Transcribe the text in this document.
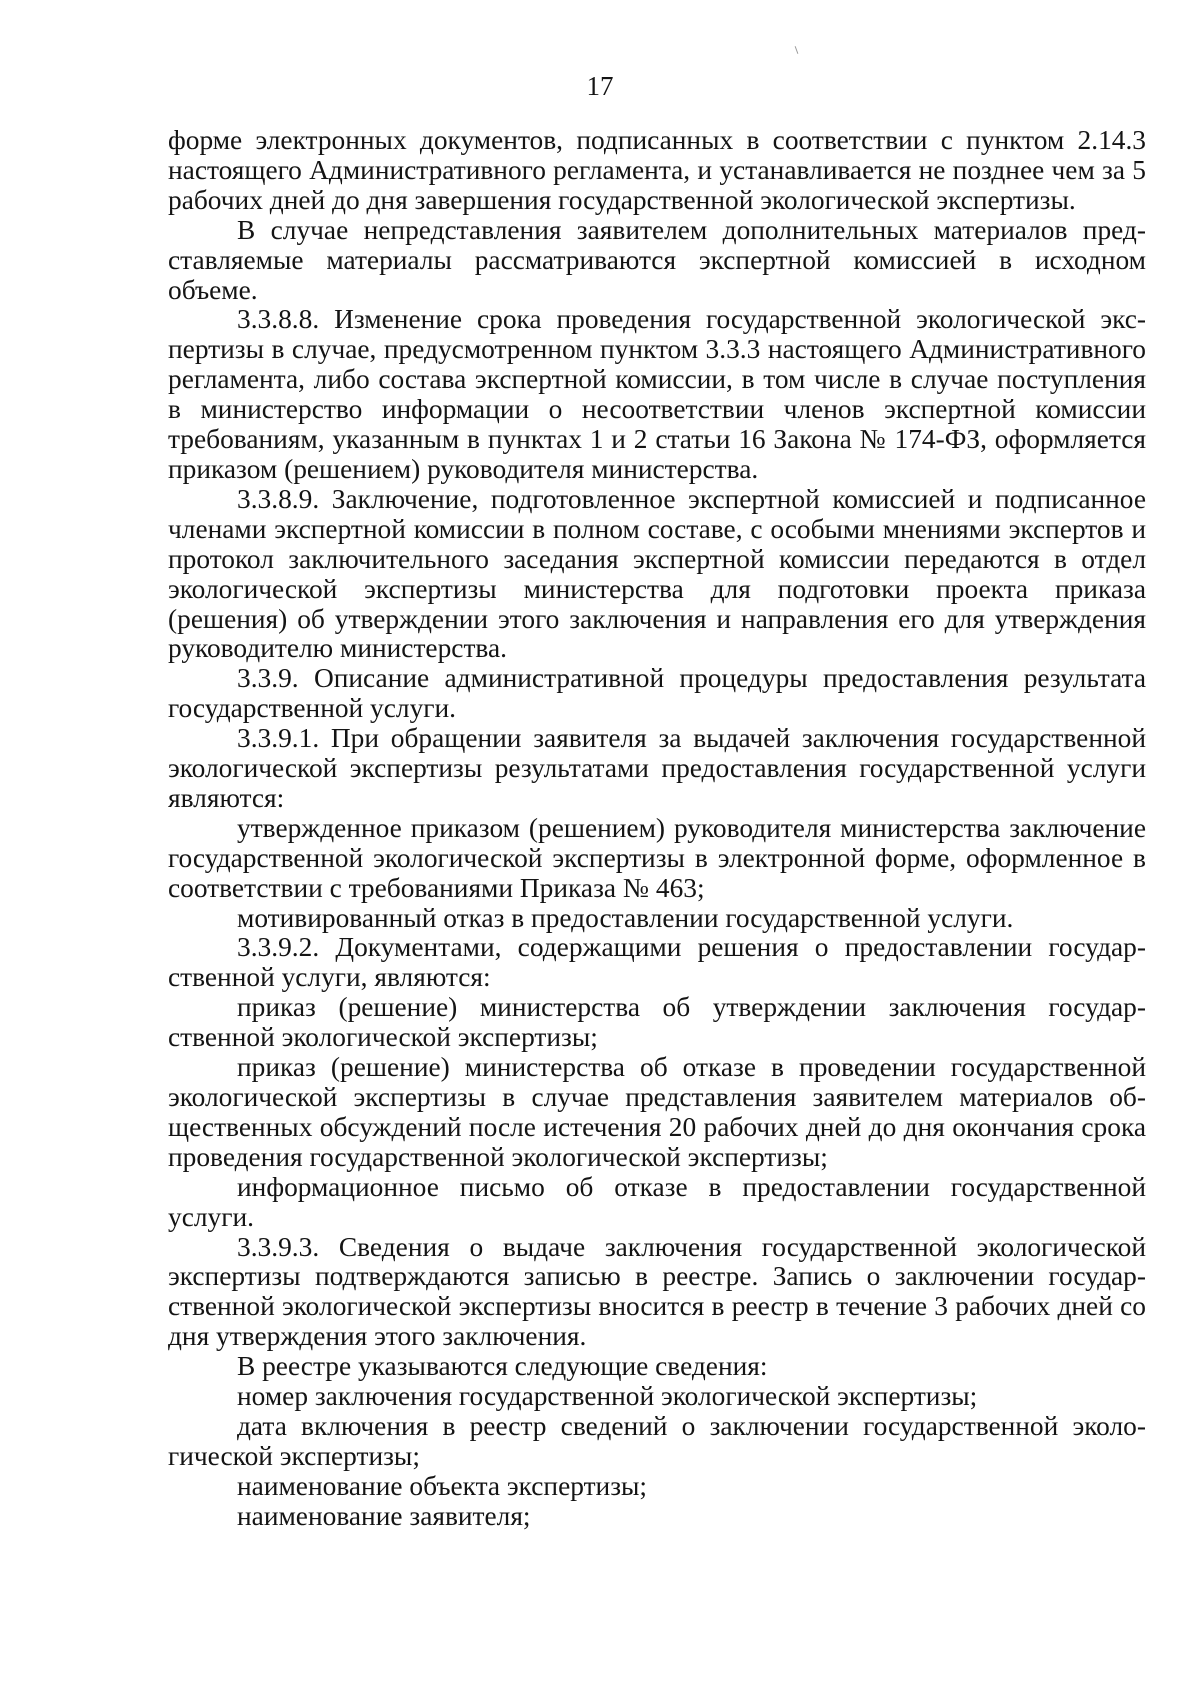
17

форме электронных документов, подписанных в соответствии с пунктом 2.14.3 настоящего Административного регламента, и устанавливается не позднее чем за 5 рабочих дней до дня завершения государственной экологической экспертизы.

В случае непредставления заявителем дополнительных материалов представляемые материалы рассматриваются экспертной комиссией в исходном объеме.

3.3.8.8. Изменение срока проведения государственной экологической экспертизы в случае, предусмотренном пунктом 3.3.3 настоящего Административного регламента, либо состава экспертной комиссии, в том числе в случае поступления в министерство информации о несоответствии членов экспертной комиссии требованиям, указанным в пунктах 1 и 2 статьи 16 Закона № 174-ФЗ, оформляется приказом (решением) руководителя министерства.

3.3.8.9. Заключение, подготовленное экспертной комиссией и подписанное членами экспертной комиссии в полном составе, с особыми мнениями экспертов и протокол заключительного заседания экспертной комиссии передаются в отдел экологической экспертизы министерства для подготовки проекта приказа (решения) об утверждении этого заключения и направления его для утверждения руководителю министерства.

3.3.9. Описание административной процедуры предоставления результата государственной услуги.

3.3.9.1. При обращении заявителя за выдачей заключения государственной экологической экспертизы результатами предоставления государственной услуги являются:

утвержденное приказом (решением) руководителя министерства заключение государственной экологической экспертизы в электронной форме, оформленное в соответствии с требованиями Приказа № 463;

мотивированный отказ в предоставлении государственной услуги.

3.3.9.2. Документами, содержащими решения о предоставлении государственной услуги, являются:

приказ (решение) министерства об утверждении заключения государственной экологической экспертизы;

приказ (решение) министерства об отказе в проведении государственной экологической экспертизы в случае представления заявителем материалов общественных обсуждений после истечения 20 рабочих дней до дня окончания срока проведения государственной экологической экспертизы;

информационное письмо об отказе в предоставлении государственной услуги.

3.3.9.3. Сведения о выдаче заключения государственной экологической экспертизы подтверждаются записью в реестре. Запись о заключении государственной экологической экспертизы вносится в реестр в течение 3 рабочих дней со дня утверждения этого заключения.

В реестре указываются следующие сведения:

номер заключения государственной экологической экспертизы;

дата включения в реестр сведений о заключении государственной экологической экспертизы;

наименование объекта экспертизы;

наименование заявителя;
